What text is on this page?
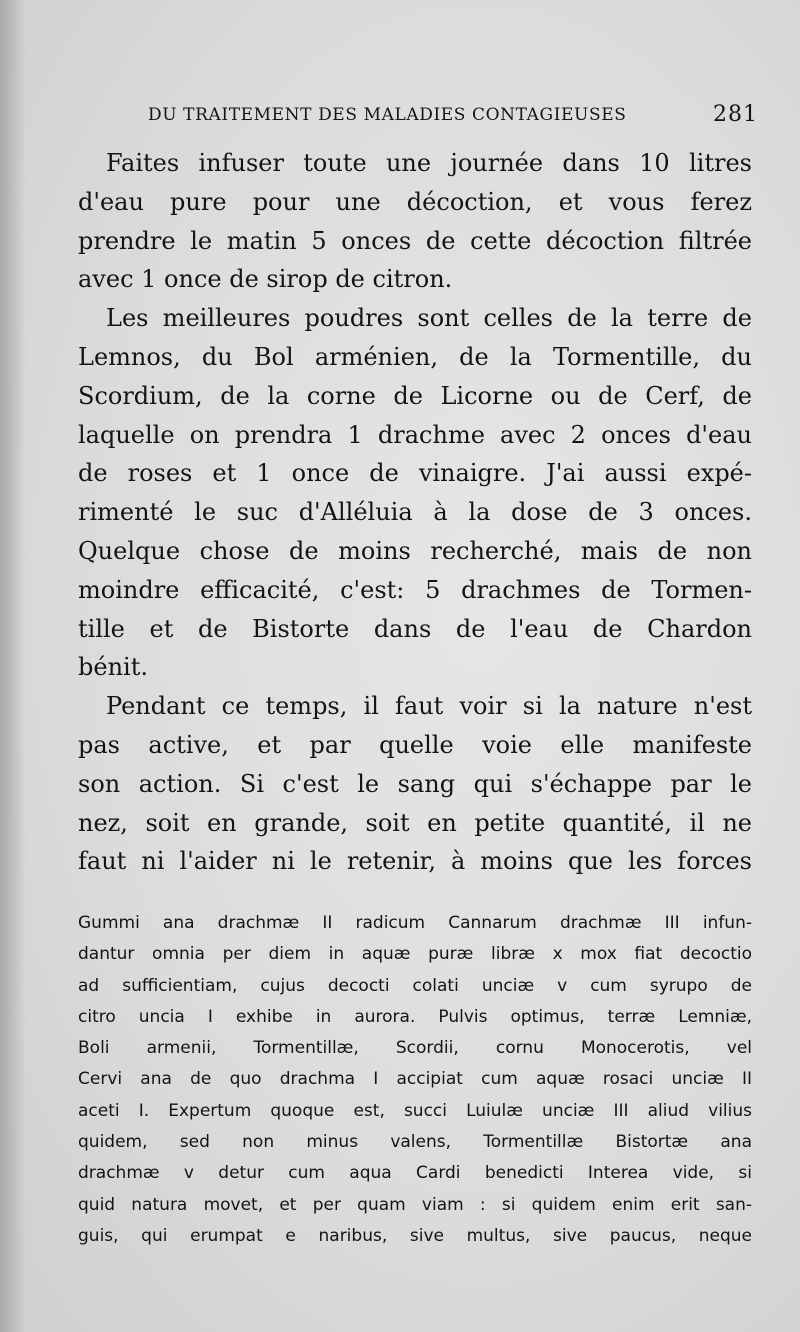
DU TRAITEMENT DES MALADIES CONTAGIEUSES	281
Faites infuser toute une journée dans 10 litres
d'eau pure pour une décoction, et vous ferez
prendre le matin 5 onces de cette décoction filtrée
avec 1 once de sirop de citron.
Les meilleures poudres sont celles de la terre de
Lemnos, du Bol arménien, de la Tormentille, du
Scordium, de la corne de Licorne ou de Cerf, de
laquelle on prendra 1 drachme avec 2 onces d'eau
de roses et 1 once de vinaigre. J'ai aussi expé-
rimenté le suc d'Alléluia à la dose de 3 onces.
Quelque chose de moins recherché, mais de non
moindre efficacité, c'est: 5 drachmes de Tormen-
tille et de Bistorte dans de l'eau de Chardon
bénit.
Pendant ce temps, il faut voir si la nature n'est
pas active, et par quelle voie elle manifeste
son action. Si c'est le sang qui s'échappe par le
nez, soit en grande, soit en petite quantité, il ne
faut ni l'aider ni le retenir, à moins que les forces
Gummi ana drachmæ II radicum Cannarum drachmæ III infun-
dantur omnia per diem in aquæ puræ libræ x mox fiat decoctio
ad sufficientiam, cujus decocti colati unciæ v cum syrupo de
citro uncia I exhibe in aurora. Pulvis optimus, terræ Lemniæ,
Boli armenii, Tormentillæ, Scordii, cornu Monocerotis, vel
Cervi ana de quo drachma I accipiat cum aquæ rosaci unciæ II
aceti I. Expertum quoque est, succi Luiulæ unciæ III aliud vilius
quidem, sed non minus valens, Tormentillæ Bistortæ ana
drachmæ v detur cum aqua Cardi benedicti Interea vide, si
quid natura movet, et per quam viam : si quidem enim erit san-
guis, qui erumpat e naribus, sive multus, sive paucus, neque
